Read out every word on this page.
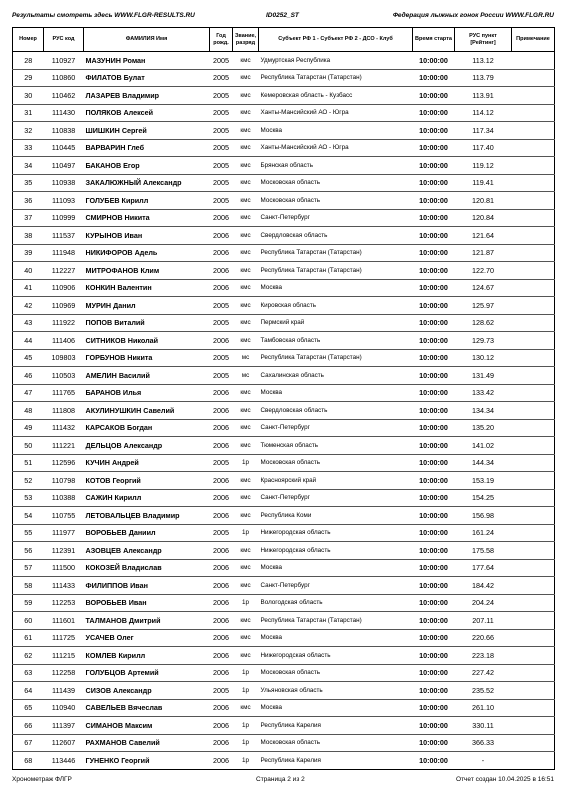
Результаты смотреть здесь WWW.FLGR-RESULTS.RU	ID0252_ST	Федерация лыжных гонок России WWW.FLGR.RU
Номер	РУС код	ФАМИЛИЯ Имя	Год рожд.	Звание, разряд	Субъект РФ 1 - Субъект РФ 2 - ДСО - Клуб	Время старта	РУС пункт [Рейтинг]	Примечание
28	110927	МАЗУНИН Роман	2005	кмс	Удмуртская Республика	10:00:00	113.12	
29	110860	ФИЛАТОВ Булат	2005	кмс	Республика Татарстан (Татарстан)	10:00:00	113.79	
30	110462	ЛАЗАРЕВ Владимир	2005	кмс	Кемеровская область - Кузбасс	10:00:00	113.91	
31	111430	ПОЛЯКОВ Алексей	2005	кмс	Ханты-Мансийский АО - Югра	10:00:00	114.12	
32	110838	ШИШКИН Сергей	2005	кмс	Москва	10:00:00	117.34	
33	110445	ВАРВАРИН Глеб	2005	кмс	Ханты-Мансийский АО - Югра	10:00:00	117.40	
34	110497	БАКАНОВ Егор	2005	кмс	Брянская область	10:00:00	119.12	
35	110938	ЗАКАЛЮЖНЫЙ Александр	2005	кмс	Московская область	10:00:00	119.41	
36	111093	ГОЛУБЕВ Кирилл	2005	кмс	Московская область	10:00:00	120.81	
37	110999	СМИРНОВ Никита	2006	кмс	Санкт-Петербург	10:00:00	120.84	
38	111537	КУРЫНОВ Иван	2006	кмс	Свердловская область	10:00:00	121.64	
39	111948	НИКИФОРОВ Адель	2006	кмс	Республика Татарстан (Татарстан)	10:00:00	121.87	
40	112227	МИТРОФАНОВ Клим	2006	кмс	Республика Татарстан (Татарстан)	10:00:00	122.70	
41	110906	КОНКИН Валентин	2006	кмс	Москва	10:00:00	124.67	
42	110969	МУРИН Данил	2005	кмс	Кировская область	10:00:00	125.97	
43	111922	ПОПОВ Виталий	2005	кмс	Пермский край	10:00:00	128.62	
44	111406	СИТНИКОВ Николай	2006	кмс	Тамбовская область	10:00:00	129.73	
45	109803	ГОРБУНОВ Никита	2005	мс	Республика Татарстан (Татарстан)	10:00:00	130.12	
46	110503	АМЕЛИН Василий	2005	мс	Сахалинская область	10:00:00	131.49	
47	111765	БАРАНОВ Илья	2006	кмс	Москва	10:00:00	133.42	
48	111808	АКУЛИНУШКИН Савелий	2006	кмс	Свердловская область	10:00:00	134.34	
49	111432	КАРСАКОВ Богдан	2006	кмс	Санкт-Петербург	10:00:00	135.20	
50	111221	ДЕЛЬЦОВ Александр	2006	кмс	Тюменская область	10:00:00	141.02	
51	112596	КУЧИН Андрей	2005	1р	Московская область	10:00:00	144.34	
52	110798	КОТОВ Георгий	2006	кмс	Красноярский край	10:00:00	153.19	
53	110388	САЖИН Кирилл	2006	кмс	Санкт-Петербург	10:00:00	154.25	
54	110755	ЛЕТОВАЛЬЦЕВ Владимир	2006	кмс	Республика Коми	10:00:00	156.98	
55	111977	ВОРОБЬЕВ Даниил	2005	1р	Нижегородская область	10:00:00	161.24	
56	112391	АЗОВЦЕВ Александр	2006	кмс	Нижегородская область	10:00:00	175.58	
57	111500	КОКОЗЕЙ Владислав	2006	кмс	Москва	10:00:00	177.64	
58	111433	ФИЛИППОВ Иван	2006	кмс	Санкт-Петербург	10:00:00	184.42	
59	112253	ВОРОБЬЕВ Иван	2006	1р	Вологодская область	10:00:00	204.24	
60	111601	ТАЛМАНОВ Дмитрий	2006	кмс	Республика Татарстан (Татарстан)	10:00:00	207.11	
61	111725	УСАЧЕВ Олег	2006	кмс	Москва	10:00:00	220.66	
62	111215	КОМЛЕВ Кирилл	2006	кмс	Нижегородская область	10:00:00	223.18	
63	112258	ГОЛУБЦОВ Артемий	2006	1р	Московская область	10:00:00	227.42	
64	111439	СИЗОВ Александр	2005	1р	Ульяновская область	10:00:00	235.52	
65	110940	САВЕЛЬЕВ Вячеслав	2006	кмс	Москва	10:00:00	261.10	
66	111397	СИМАНОВ Максим	2006	1р	Республика Карелия	10:00:00	330.11	
67	112607	РАХМАНОВ Савелий	2006	1р	Московская область	10:00:00	366.33	
68	113446	ГУНЕНКО Георгий	2006	1р	Республика Карелия	10:00:00	-	
Хронометраж ФЛГР	Страница 2 из 2	Отчет создан 10.04.2025 в 16:51
